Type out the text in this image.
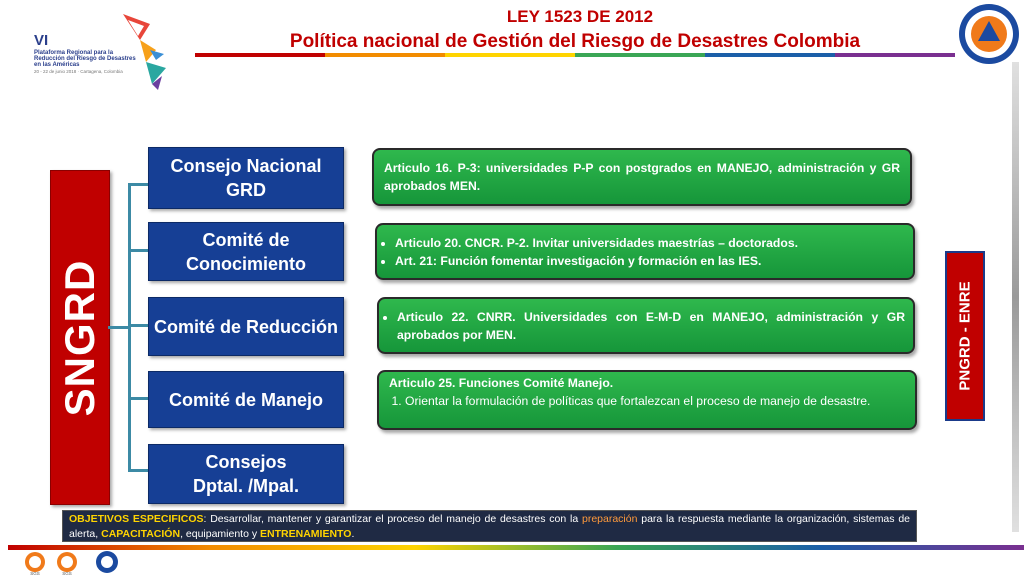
VI
Plataforma Regional para la Reducción del Riesgo de Desastres en las Américas
20 - 22 de junio 2018 · Cartagena, Colombia
LEY 1523 DE 2012
Política nacional de Gestión del Riesgo de Desastres Colombia
SNGRD
Consejo Nacional GRD
Comité de Conocimiento
Comité de Reducción
Comité de Manejo
Consejos
Dptal. /Mpal.
Articulo 16. P-3: universidades P-P con postgrados en MANEJO, administración y GR aprobados MEN.
• Articulo 20. CNCR. P-2. Invitar universidades maestrías – doctorados.
• Art. 21: Función fomentar investigación y formación en las IES.
• Articulo 22. CNRR. Universidades con E-M-D en MANEJO, administración y GR aprobados por MEN.
Articulo 25. Funciones Comité Manejo.
1. Orientar la formulación de políticas que fortalezcan el proceso de manejo de desastre.
PNGRD - ENRE
OBJETIVOS ESPECIFICOS: Desarrollar, mantener y garantizar el proceso del manejo de desastres con la preparación para la respuesta mediante la organización, sistemas de alerta, CAPACITACIÓN, equipamiento y ENTRENAMIENTO.
SGS	SGS
